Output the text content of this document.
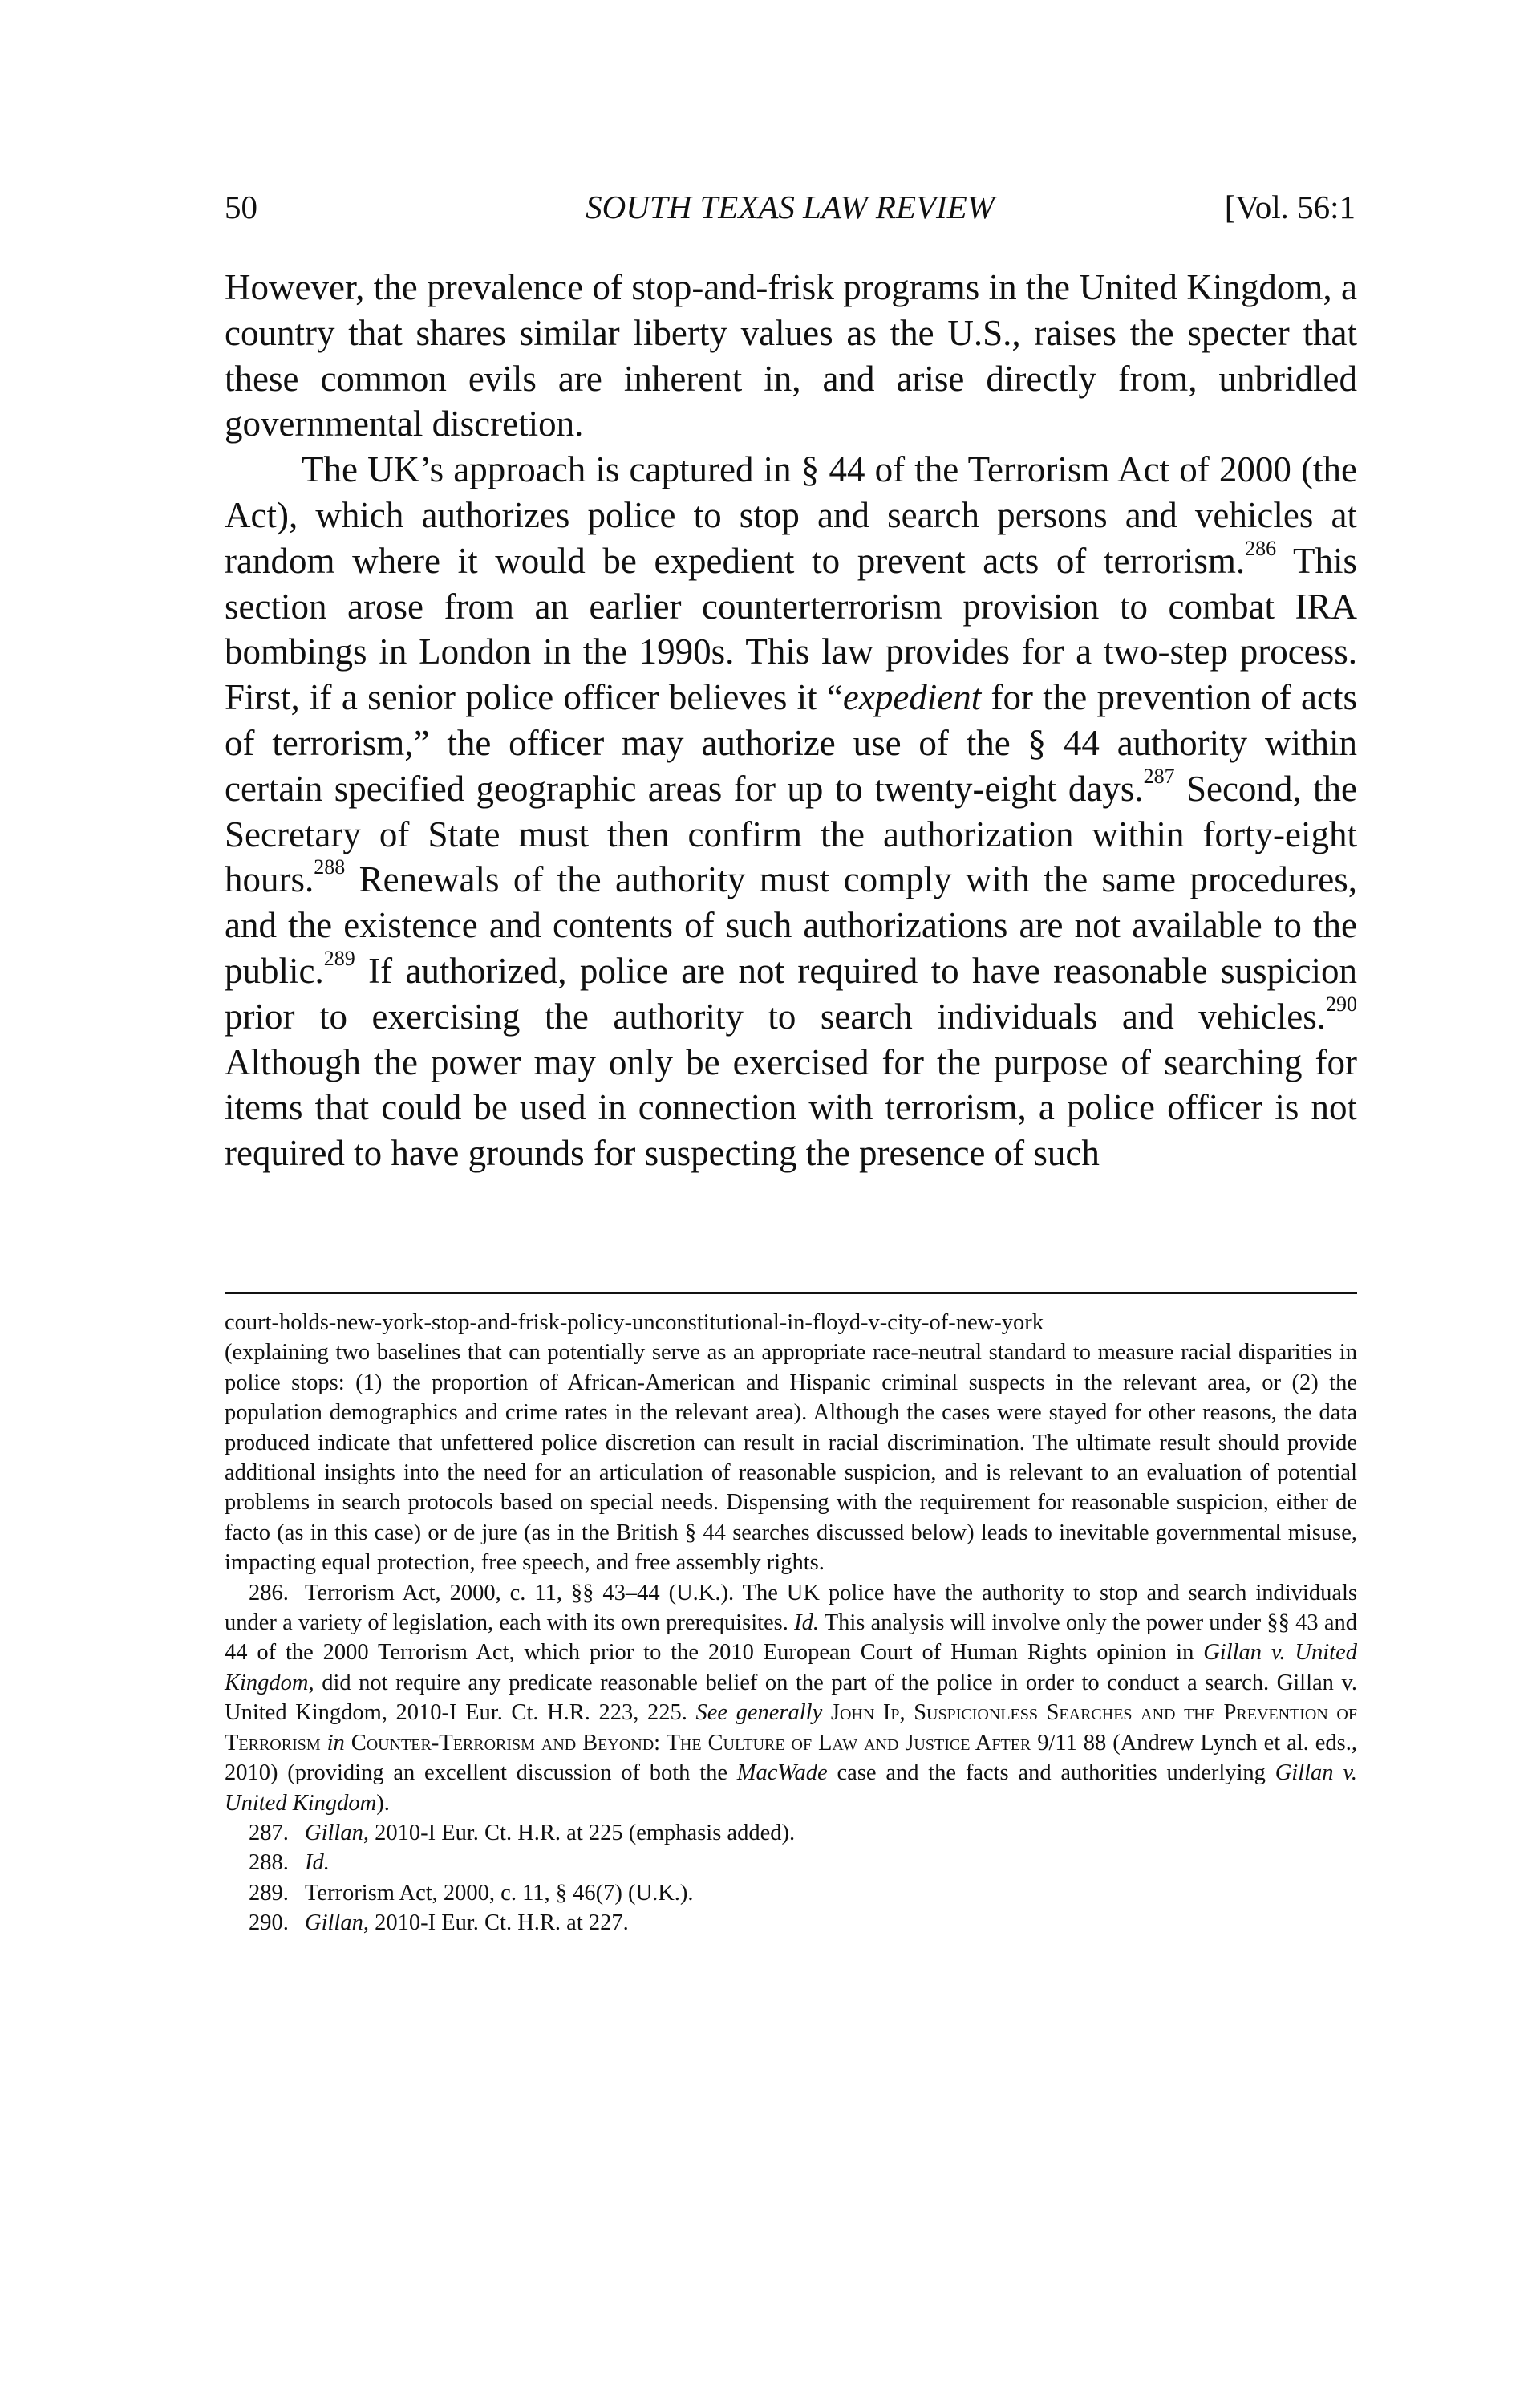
50	SOUTH TEXAS LAW REVIEW	[Vol. 56:1

However, the prevalence of stop-and-frisk programs in the United Kingdom, a country that shares similar liberty values as the U.S., raises the specter that these common evils are inherent in, and arise directly from, unbridled governmental discretion.

The UK’s approach is captured in § 44 of the Terrorism Act of 2000 (the Act), which authorizes police to stop and search persons and vehicles at random where it would be expedient to prevent acts of terrorism.$^{286}$ This section arose from an earlier counterterrorism provision to combat IRA bombings in London in the 1990s. This law provides for a two-step process. First, if a senior police officer believes it “expedient for the prevention of acts of terrorism,” the officer may authorize use of the § 44 authority within certain specified geographic areas for up to twenty-eight days.$^{287}$ Second, the Secretary of State must then confirm the authorization within forty-eight hours.$^{288}$ Renewals of the authority must comply with the same procedures, and the existence and contents of such authorizations are not available to the public.$^{289}$ If authorized, police are not required to have reasonable suspicion prior to exercising the authority to search individuals and vehicles.$^{290}$ Although the power may only be exercised for the purpose of searching for items that could be used in connection with terrorism, a police officer is not required to have grounds for suspecting the presence of such

court-holds-new-york-stop-and-frisk-policy-unconstitutional-in-floyd-v-city-of-new-york

(explaining two baselines that can potentially serve as an appropriate race-neutral standard to measure racial disparities in police stops: (1) the proportion of African-American and Hispanic criminal suspects in the relevant area, or (2) the population demographics and crime rates in the relevant area). Although the cases were stayed for other reasons, the data produced indicate that unfettered police discretion can result in racial discrimination. The ultimate result should provide additional insights into the need for an articulation of reasonable suspicion, and is relevant to an evaluation of potential problems in search protocols based on special needs. Dispensing with the requirement for reasonable suspicion, either de facto (as in this case) or de jure (as in the British § 44 searches discussed below) leads to inevitable governmental misuse, impacting equal protection, free speech, and free assembly rights.

286. Terrorism Act, 2000, c. 11, §§ 43–44 (U.K.). The UK police have the authority to stop and search individuals under a variety of legislation, each with its own prerequisites. Id. This analysis will involve only the power under §§ 43 and 44 of the 2000 Terrorism Act, which prior to the 2010 European Court of Human Rights opinion in Gillan v. United Kingdom, did not require any predicate reasonable belief on the part of the police in order to conduct a search. Gillan v. United Kingdom, 2010-I Eur. Ct. H.R. 223, 225. See generally John Ip, Suspicionless Searches and the Prevention of Terrorism in Counter-Terrorism and Beyond: The Culture of Law and Justice After 9/11 88 (Andrew Lynch et al. eds., 2010) (providing an excellent discussion of both the MacWade case and the facts and authorities underlying Gillan v. United Kingdom).

287. Gillan, 2010-I Eur. Ct. H.R. at 225 (emphasis added).

288. Id.

289. Terrorism Act, 2000, c. 11, § 46(7) (U.K.).

290. Gillan, 2010-I Eur. Ct. H.R. at 227.
